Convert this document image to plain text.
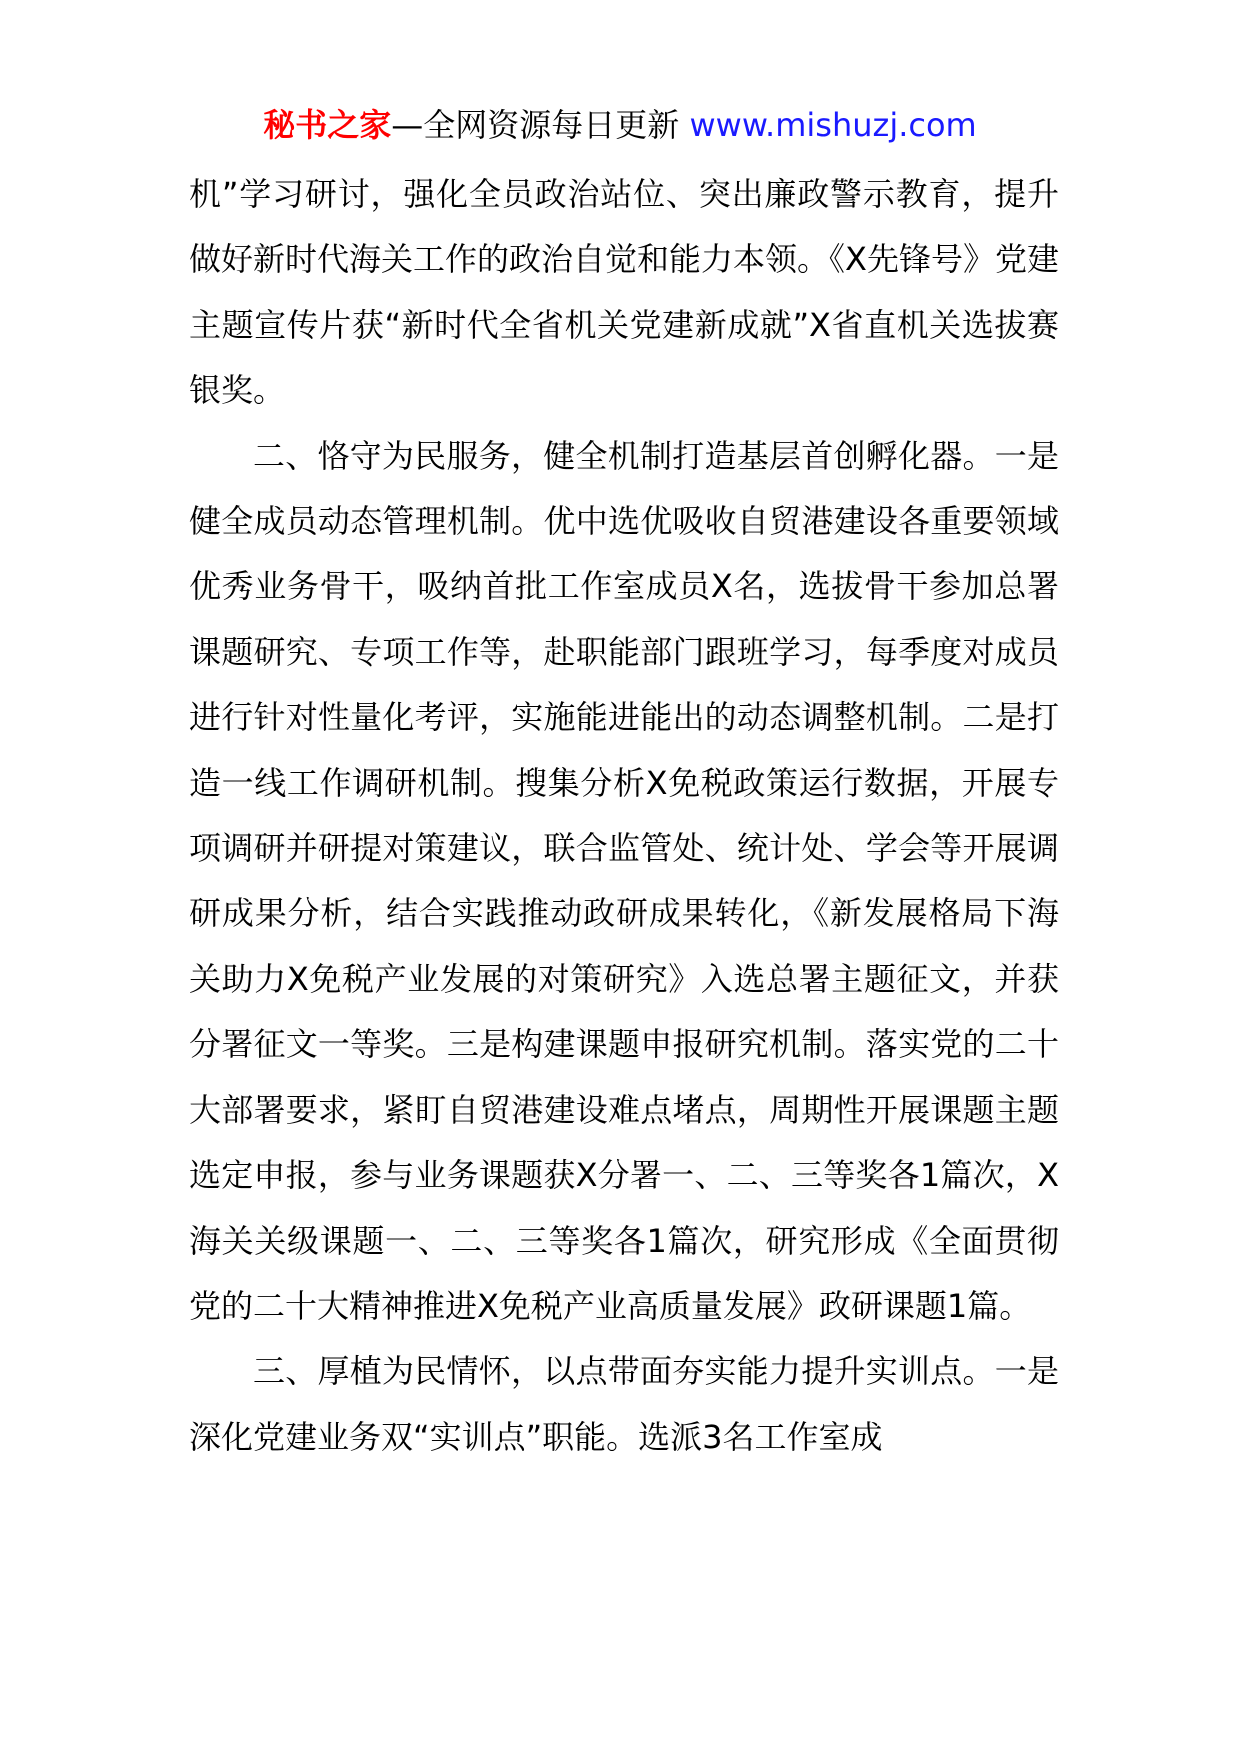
秘书之家—全网资源每日更新 www.mishuzj.com

机”学习研讨，强化全员政治站位、突出廉政警示教育，提升做好新时代海关工作的政治自觉和能力本领。《X先锋号》党建主题宣传片获“新时代全省机关党建新成就”X省直机关选拔赛银奖。

二、恪守为民服务，健全机制打造基层首创孵化器。一是健全成员动态管理机制。优中选优吸收自贸港建设各重要领域优秀业务骨干，吸纳首批工作室成员X名，选拔骨干参加总署课题研究、专项工作等，赴职能部门跟班学习，每季度对成员进行针对性量化考评，实施能进能出的动态调整机制。二是打造一线工作调研机制。搜集分析X免税政策运行数据，开展专项调研并研提对策建议，联合监管处、统计处、学会等开展调研成果分析，结合实践推动政研成果转化，《新发展格局下海关助力X免税产业发展的对策研究》入选总署主题征文，并获分署征文一等奖。三是构建课题申报研究机制。落实党的二十大部署要求，紧盯自贸港建设难点堵点，周期性开展课题主题选定申报，参与业务课题获X分署一、二、三等奖各1篇次，X海关关级课题一、二、三等奖各1篇次，研究形成《全面贯彻党的二十大精神推进X免税产业高质量发展》政研课题1篇。

三、厚植为民情怀，以点带面夯实能力提升实训点。一是深化党建业务双“实训点”职能。选派3名工作室成
